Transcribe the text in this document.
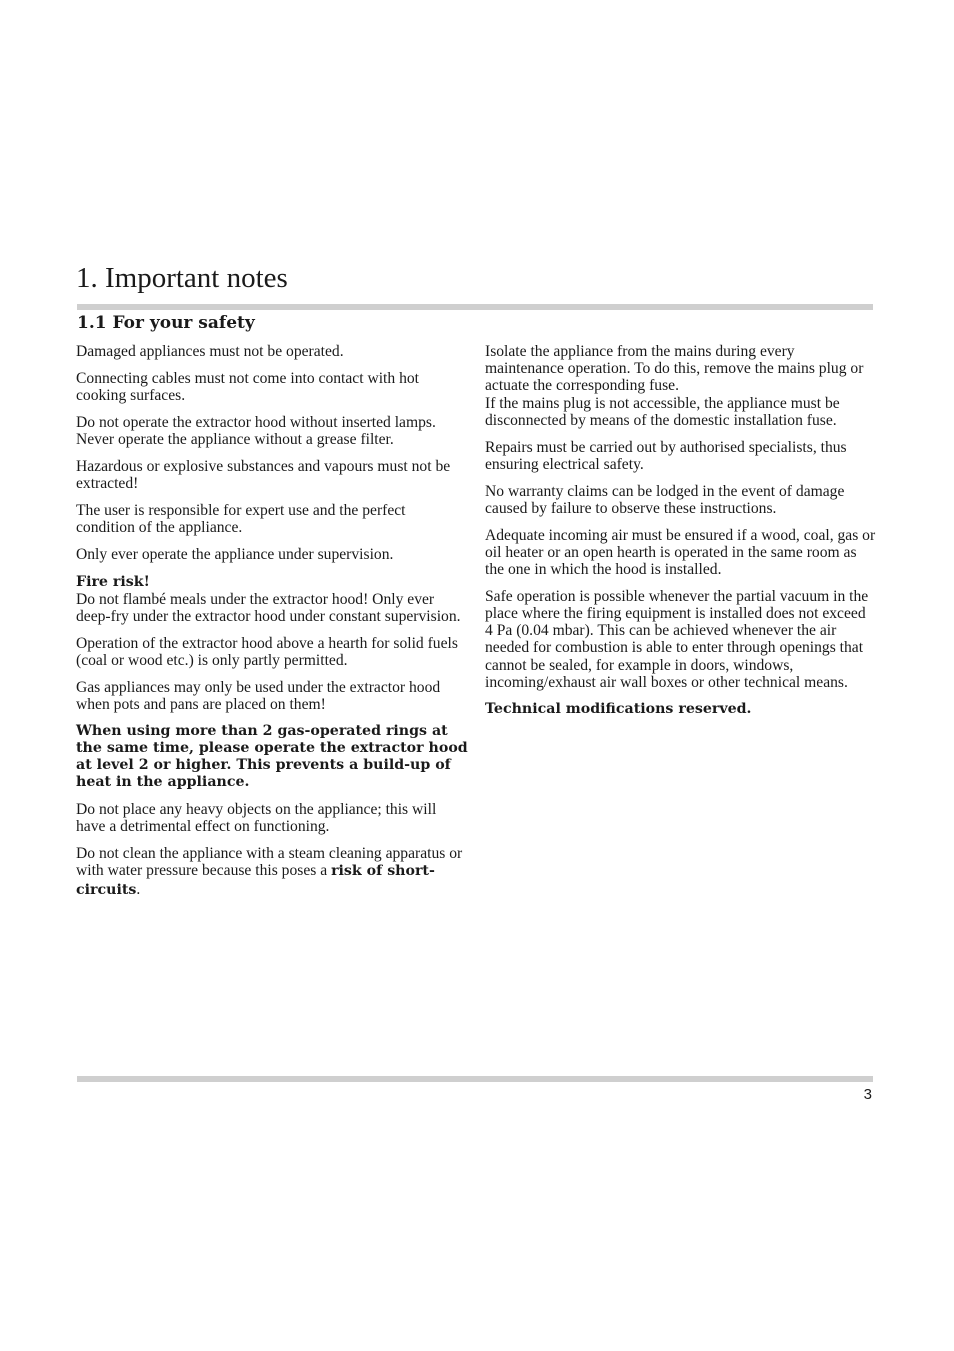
1. Important notes
1.1 For your safety

Damaged appliances must not be operated.

Connecting cables must not come into contact with hot cooking surfaces.

Do not operate the extractor hood without inserted lamps. Never operate the appliance without a grease filter.

Hazardous or explosive substances and vapours must not be extracted!

The user is responsible for expert use and the perfect condition of the appliance.

Only ever operate the appliance under supervision.

Fire risk!
Do not flambé meals under the extractor hood! Only ever deep-fry under the extractor hood under constant supervision.

Operation of the extractor hood above a hearth for solid fuels (coal or wood etc.) is only partly permitted.

Gas appliances may only be used under the extractor hood when pots and pans are placed on them!

When using more than 2 gas-operated rings at the same time, please operate the extractor hood at level 2 or higher. This prevents a build-up of heat in the appliance.

Do not place any heavy objects on the appliance; this will have a detrimental effect on functioning.

Do not clean the appliance with a steam cleaning apparatus or with water pressure because this poses a risk of short-circuits.

Isolate the appliance from the mains during every maintenance operation. To do this, remove the mains plug or actuate the corresponding fuse.
If the mains plug is not accessible, the appliance must be disconnected by means of the domestic installation fuse.

Repairs must be carried out by authorised specialists, thus ensuring electrical safety.

No warranty claims can be lodged in the event of damage caused by failure to observe these instructions.

Adequate incoming air must be ensured if a wood, coal, gas or oil heater or an open hearth is operated in the same room as the one in which the hood is installed.

Safe operation is possible whenever the partial vacuum in the place where the firing equipment is installed does not exceed 4 Pa (0.04 mbar). This can be achieved whenever the air needed for combustion is able to enter through openings that cannot be sealed, for example in doors, windows, incoming/exhaust air wall boxes or other technical means.

Technical modifications reserved.

3
